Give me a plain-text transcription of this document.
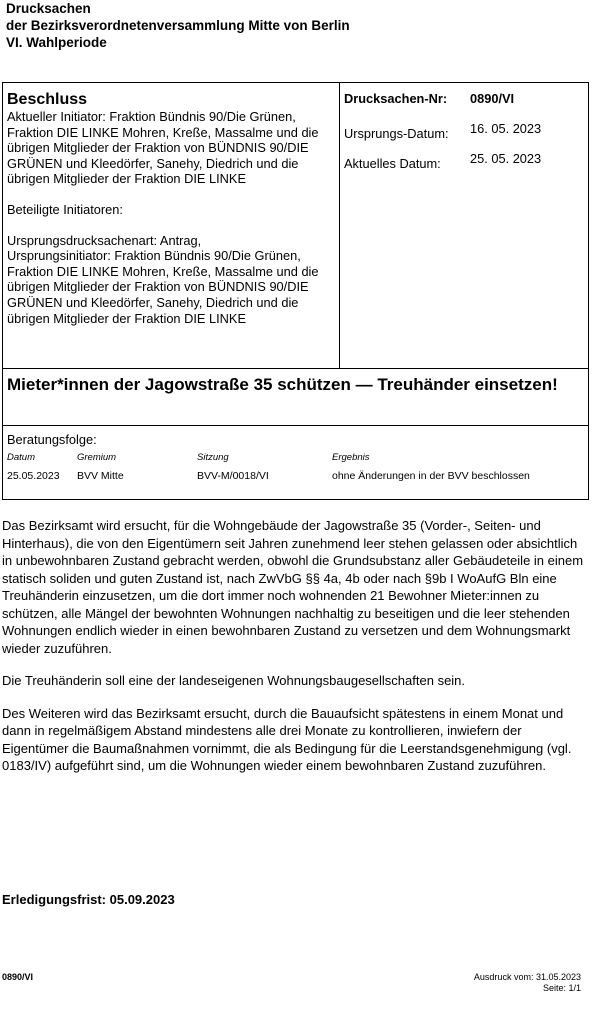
Drucksachen
der Bezirksverordnetenversammlung Mitte von Berlin
VI. Wahlperiode
Beschluss
Aktueller Initiator: Fraktion Bündnis 90/Die Grünen, Fraktion DIE LINKE Mohren, Kreße, Massalme und die übrigen Mitglieder der Fraktion von BÜNDNIS 90/DIE GRÜNEN und Kleedörfer, Sanehy, Diedrich und die übrigen Mitglieder der Fraktion DIE LINKE
Beteiligte Initiatoren:
Ursprungsdrucksachenart: Antrag,
Ursprungsinitiator: Fraktion Bündnis 90/Die Grünen, Fraktion DIE LINKE Mohren, Kreße, Massalme und die übrigen Mitglieder der Fraktion von BÜNDNIS 90/DIE GRÜNEN und Kleedörfer, Sanehy, Diedrich und die übrigen Mitglieder der Fraktion DIE LINKE
Drucksachen-Nr:	0890/VI
Ursprungs-Datum:	16. 05. 2023
Aktuelles Datum:	25. 05. 2023
Mieter*innen der Jagowstraße 35 schützen — Treuhänder einsetzen!
Beratungsfolge:
Datum	Gremium	Sitzung	Ergebnis
25.05.2023	BVV Mitte	BVV-M/0018/VI	ohne Änderungen in der BVV beschlossen

Das Bezirksamt wird ersucht, für die Wohngebäude der Jagowstraße 35 (Vorder-, Seiten- und Hinterhaus), die von den Eigentümern seit Jahren zunehmend leer stehen gelassen oder absichtlich in unbewohnbaren Zustand gebracht werden, obwohl die Grundsubstanz aller Gebäudeteile in einem statisch soliden und guten Zustand ist, nach ZwVbG §§ 4a, 4b oder nach §9b I WoAufG Bln eine Treuhänderin einzusetzen, um die dort immer noch wohnenden 21 Bewohner Mieter:innen zu schützen, alle Mängel der bewohnten Wohnungen nachhaltig zu beseitigen und die leer stehenden Wohnungen endlich wieder in einen bewohnbaren Zustand zu versetzen und dem Wohnungsmarkt wieder zuzuführen.

Die Treuhänderin soll eine der landeseigenen Wohnungsbaugesellschaften sein.

Des Weiteren wird das Bezirksamt ersucht, durch die Bauaufsicht spätestens in einem Monat und dann in regelmäßigem Abstand mindestens alle drei Monate zu kontrollieren, inwiefern der Eigentümer die Baumaßnahmen vornimmt, die als Bedingung für die Leerstandsgenehmigung (vgl. 0183/IV) aufgeführt sind, um die Wohnungen wieder einem bewohnbaren Zustand zuzuführen.

Erledigungsfrist: 05.09.2023
0890/VI	Ausdruck vom: 31.05.2023
Seite: 1/1
